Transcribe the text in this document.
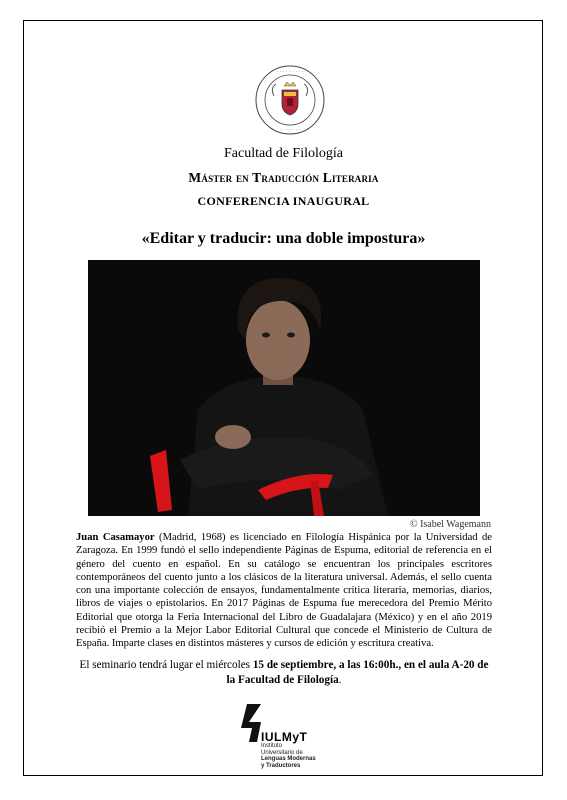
· · · · · · · · ·
· · · · · · ·
Facultad de Filología
Máster en Traducción Literaria
CONFERENCIA INAUGURAL
«Editar y traducir: una doble impostura»
© Isabel Wagemann
Juan Casamayor (Madrid, 1968) es licenciado en Filología Hispánica por la Universidad de Zaragoza. En 1999 fundó el sello independiente Páginas de Espuma, editorial de referencia en el género del cuento en español. En su catálogo se encuentran los principales escritores contemporáneos del cuento junto a los clásicos de la literatura universal. Además, el sello cuenta con una importante colección de ensayos, fundamentalmente crítica literaria, memorias, diarios, libros de viajes o epistolarios. En 2017 Páginas de Espuma fue merecedora del Premio Mérito Editorial que otorga la Feria Internacional del Libro de Guadalajara (México) y en el año 2019 recibió el Premio a la Mejor Labor Editorial Cultural que concede el Ministerio de Cultura de España. Imparte clases en distintos másteres y cursos de edición y escritura creativa.
El seminario tendrá lugar el miércoles 15 de septiembre, a las 16:00h., en el aula A-20 de la Facultad de Filología.
IULMyT
Instituto
Universitario de
Lenguas Modernas
y Traductores
